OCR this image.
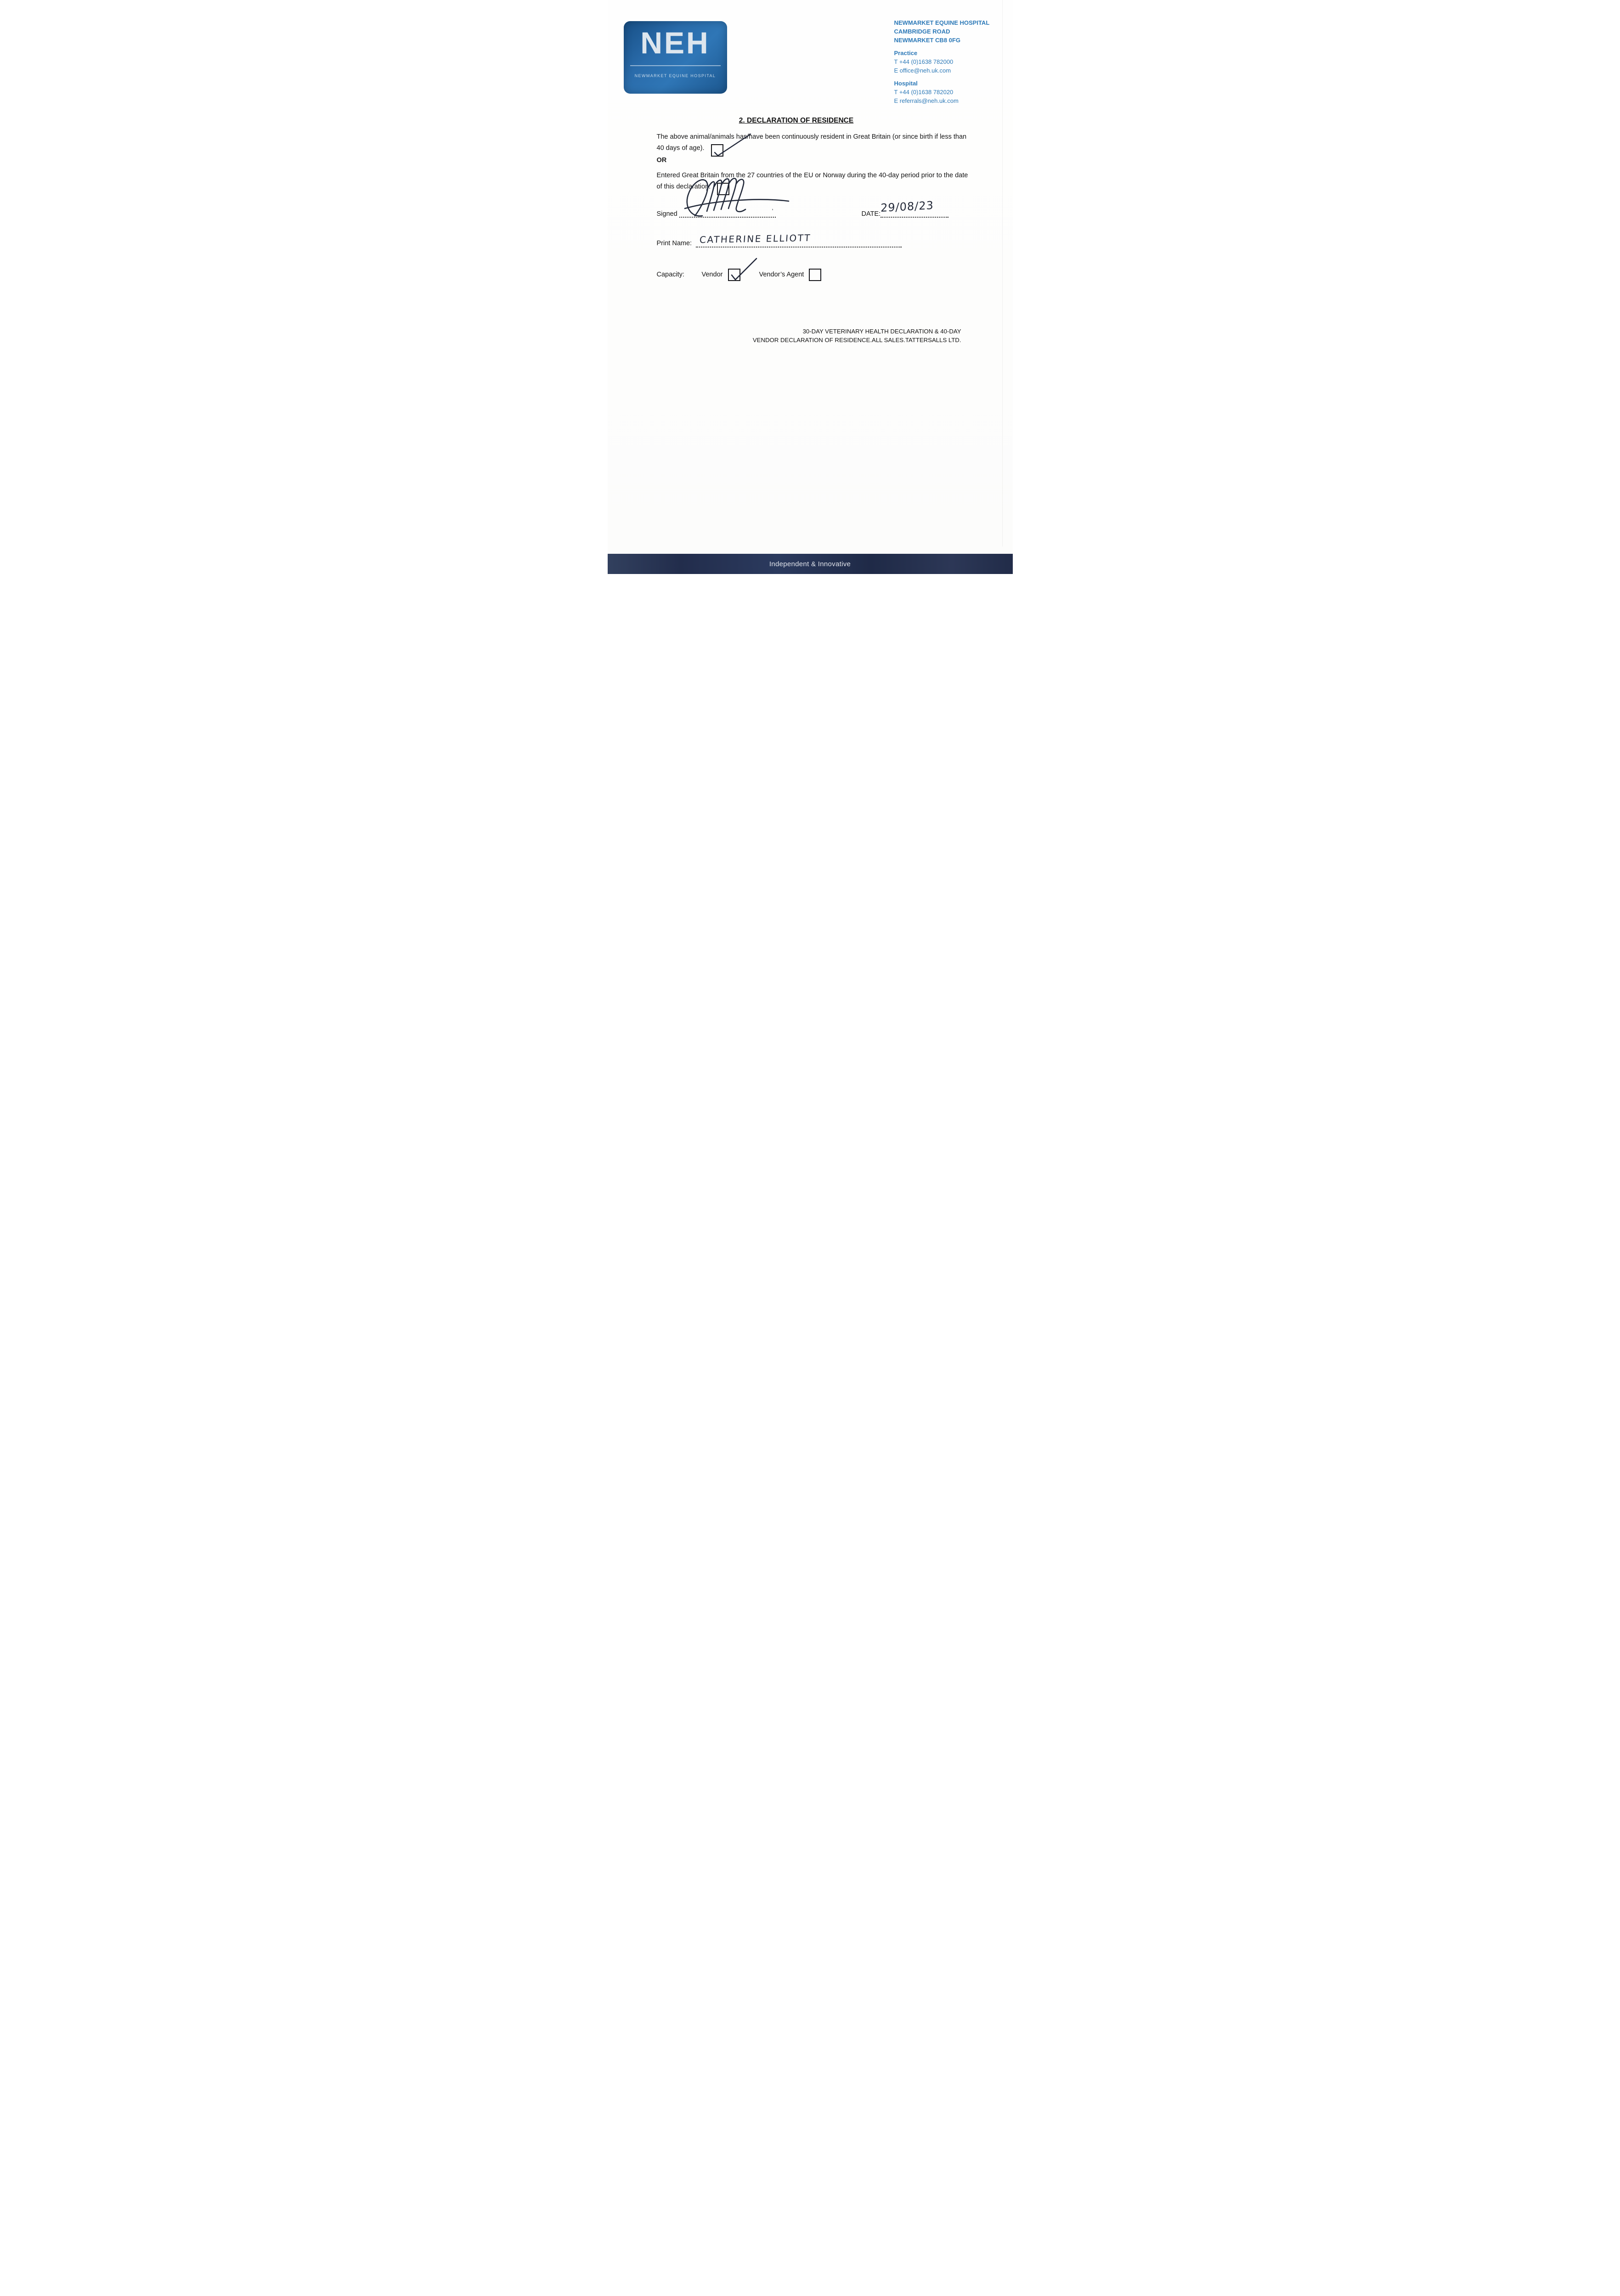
NEH
NEWMARKET EQUINE HOSPITAL
NEWMARKET EQUINE HOSPITAL
CAMBRIDGE ROAD
NEWMARKET CB8 0FG
Practice
T +44 (0)1638 782000
E office@neh.uk.com
Hospital
T +44 (0)1638 782020
E referrals@neh.uk.com
2. DECLARATION OF RESIDENCE
The above animal/animals has/have been continuously resident in Great Britain (or since birth if less than 40 days of age).
OR
Entered Great Britain from the 27 countries of the EU or Norway during the 40-day period prior to the date of this declaration.
Signed	’	DATE: 29/08/23
Print Name: CATHERINE ELLIOTT
Capacity:	Vendor	Vendor’s Agent
30-DAY VETERINARY HEALTH DECLARATION & 40-DAY
VENDOR DECLARATION OF RESIDENCE.ALL SALES.TATTERSALLS LTD.
Independent & Innovative
